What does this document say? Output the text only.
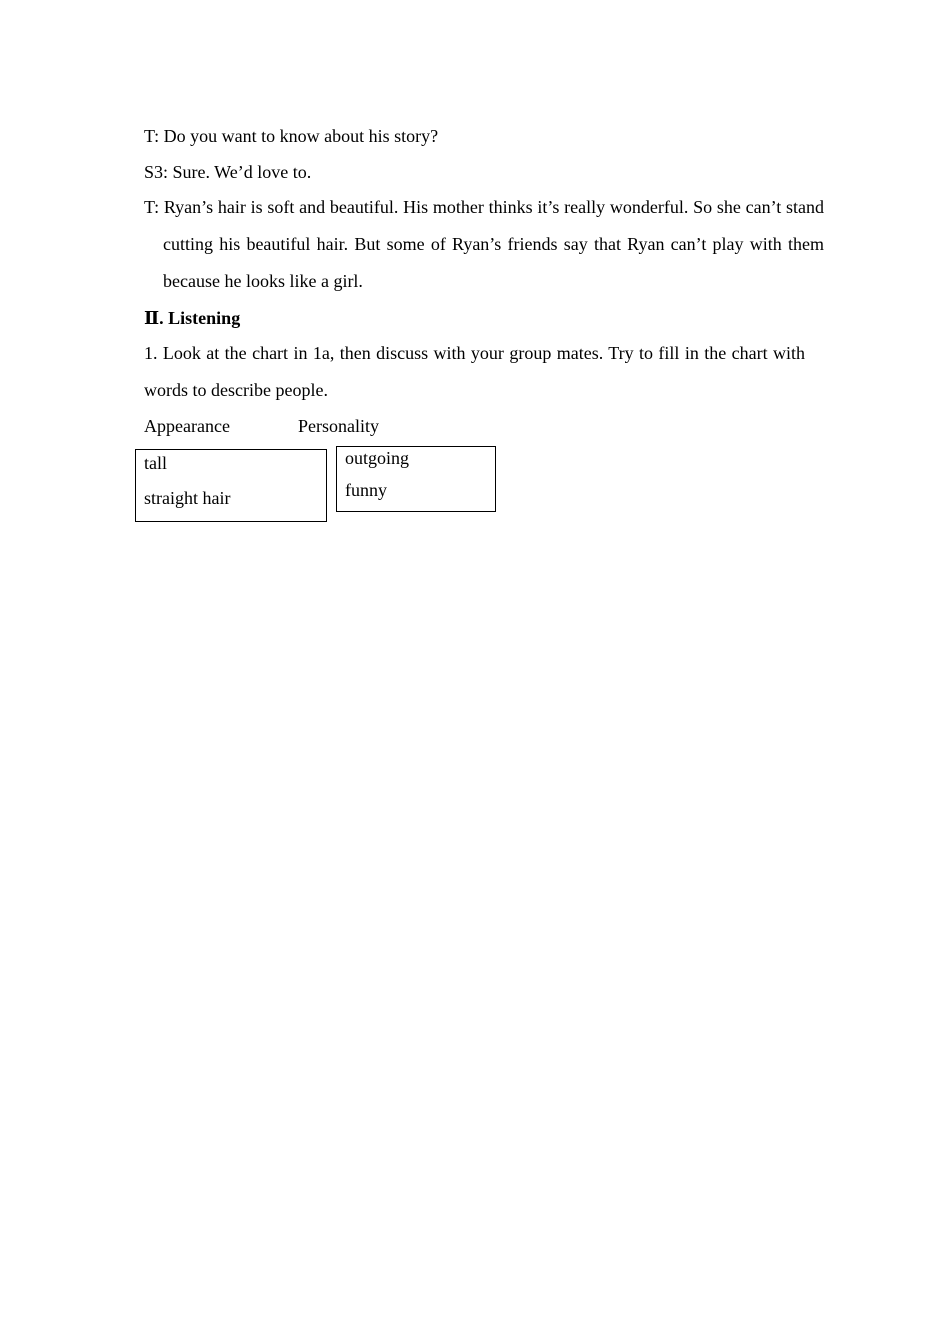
T: Do you want to know about his story?
S3: Sure. We’d love to.
T: Ryan’s hair is soft and beautiful. His mother thinks it’s really wonderful. So she can’t stand cutting his beautiful hair. But some of Ryan’s friends say that Ryan can’t play with them because he looks like a girl.
Ⅱ. Listening
1. Look at the chart in 1a, then discuss with your group mates. Try to fill in the chart with words to describe people.
Appearance	Personality
tall
straight hair
outgoing
funny
